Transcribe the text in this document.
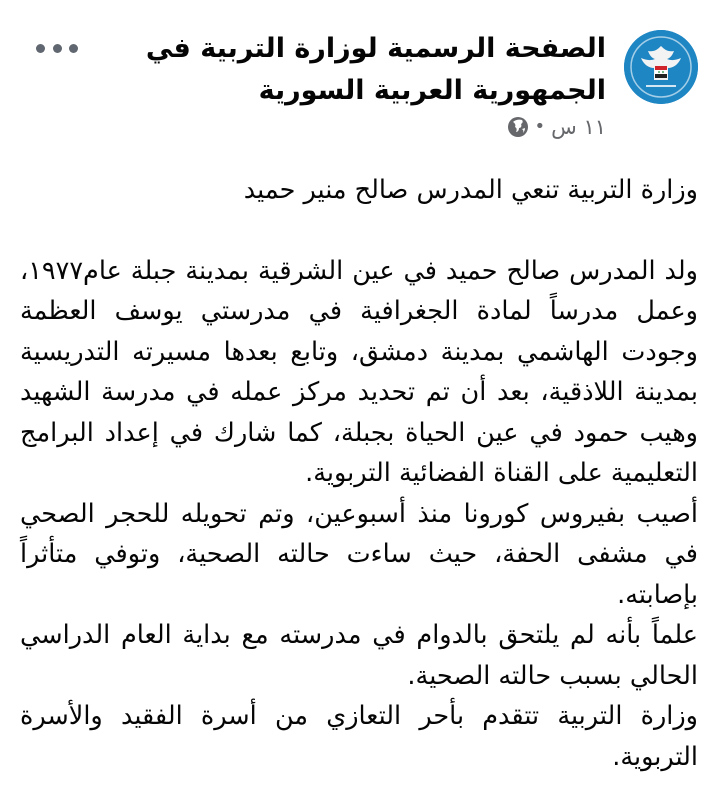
الصفحة الرسمية لوزارة التربية في الجمهورية العربية السورية
١١ س
•

وزارة التربية تنعي المدرس صالح منير حميد

ولد المدرس صالح حميد في عين الشرقية بمدينة جبلة عام١٩٧٧، وعمل مدرساً لمادة الجغرافية في مدرستي يوسف العظمة وجودت الهاشمي بمدينة دمشق، وتابع بعدها مسيرته التدريسية بمدينة اللاذقية، بعد أن تم تحديد مركز عمله في مدرسة الشهيد وهيب حمود في عين الحياة بجبلة، كما شارك في إعداد البرامج التعليمية على القناة الفضائية التربوية.

أصيب بفيروس كورونا منذ أسبوعين، وتم تحويله للحجر الصحي في مشفى الحفة، حيث ساءت حالته الصحية، وتوفي متأثراً بإصابته.

علماً بأنه لم يلتحق بالدوام في مدرسته مع بداية العام الدراسي الحالي بسبب حالته الصحية.

وزارة التربية تتقدم بأحر التعازي من أسرة الفقيد والأسرة التربوية.
